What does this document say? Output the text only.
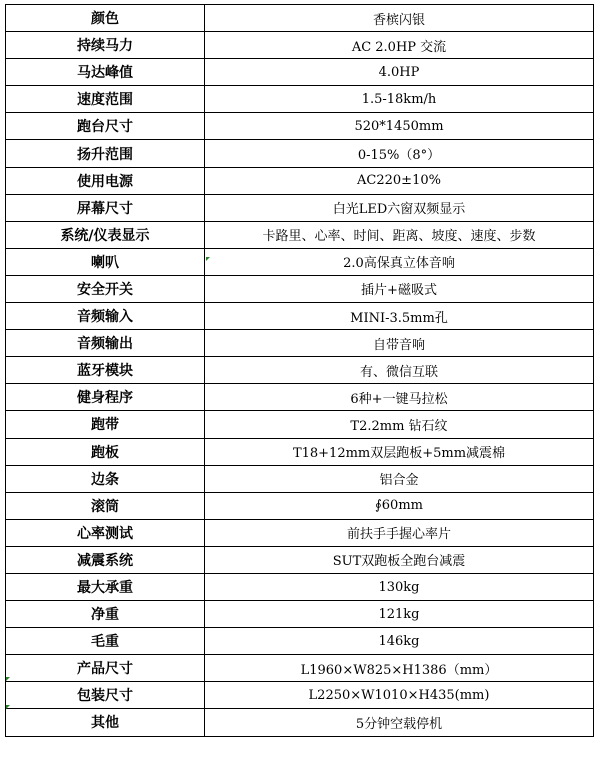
颜色	香槟闪银
持续马力	AC 2.0HP 交流
马达峰值	4.0HP
速度范围	1.5-18km/h
跑台尺寸	520*1450mm
扬升范围	0-15%（8°）
使用电源	AC220±10%
屏幕尺寸	白光LED六窗双频显示
系统/仪表显示	卡路里、心率、时间、距离、坡度、速度、步数
喇叭	2.0高保真立体音响
安全开关	插片+磁吸式
音频输入	MINI-3.5mm孔
音频输出	自带音响
蓝牙模块	有、微信互联
健身程序	6种+一键马拉松
跑带	T2.2mm 钻石纹
跑板	T18+12mm双层跑板+5mm减震棉
边条	铝合金
滚筒	∮60mm
心率测试	前扶手手握心率片
减震系统	SUT双跑板全跑台减震
最大承重	130kg
净重	121kg
毛重	146kg
产品尺寸	L1960×W825×H1386（mm）
包装尺寸	L2250×W1010×H435(mm)
其他	5分钟空载停机
